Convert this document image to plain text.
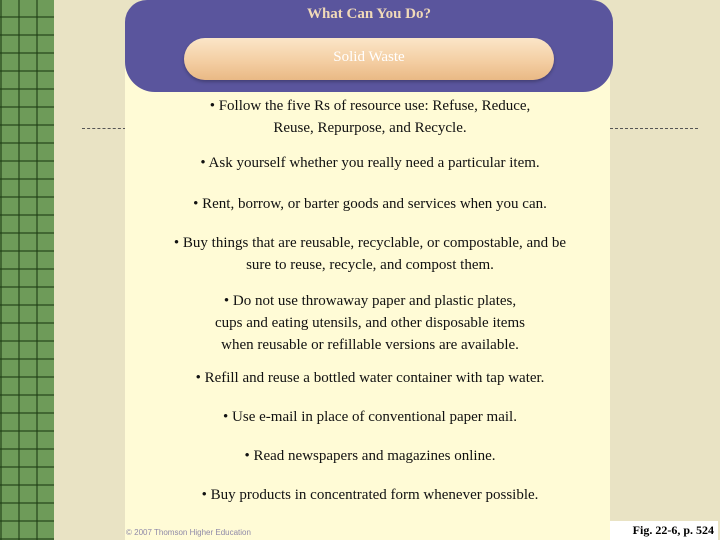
What Can You Do?
Solid Waste
• Follow the five Rs of resource use: Refuse, Reduce,
Reuse, Repurpose, and Recycle.
• Ask yourself whether you really need a particular item.
• Rent, borrow, or barter goods and services when you can.
• Buy things that are reusable, recyclable, or compostable, and be
sure to reuse, recycle, and compost them.
• Do not use throwaway paper and plastic plates,
cups and eating utensils, and other disposable items
when reusable or refillable versions are available.
• Refill and reuse a bottled water container with tap water.
• Use e-mail in place of conventional paper mail.
• Read newspapers and magazines online.
• Buy products in concentrated form whenever possible.
© 2007 Thomson Higher Education	Fig. 22-6, p. 524
